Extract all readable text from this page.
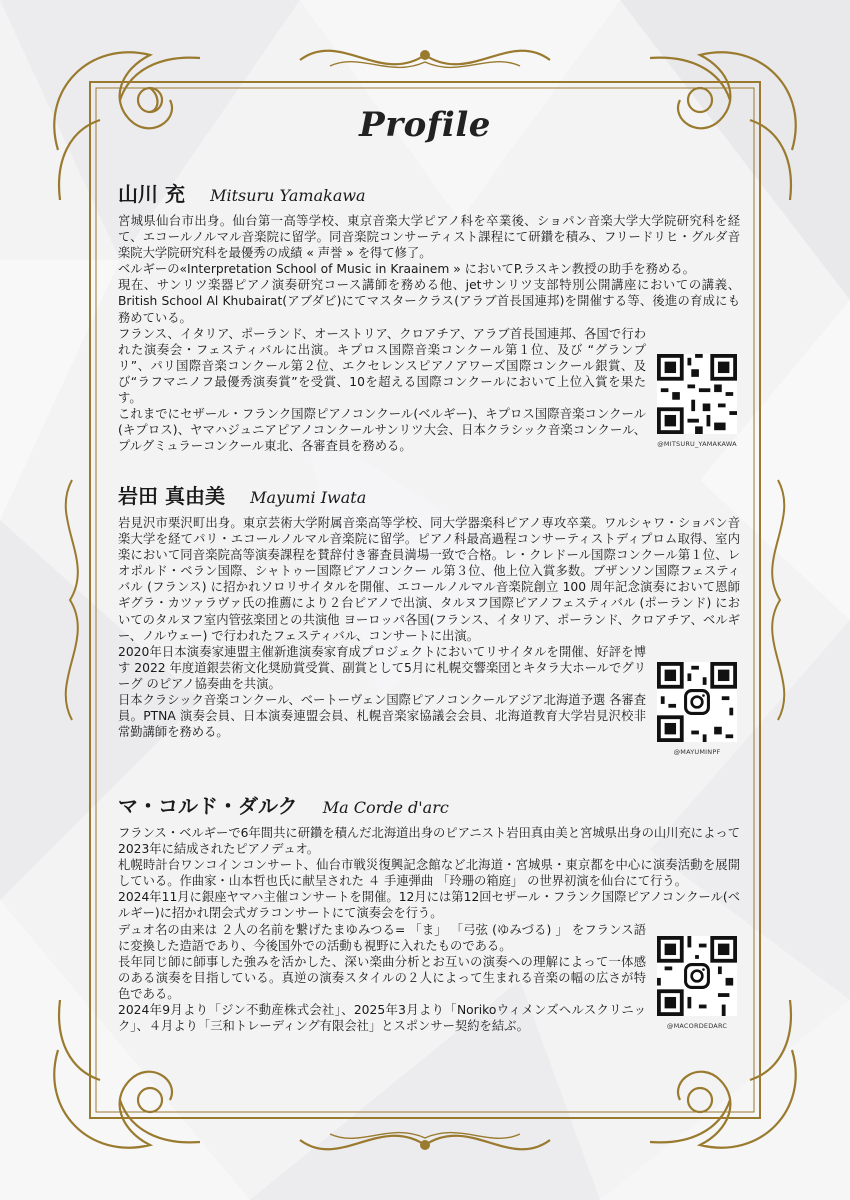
Profile
山川 充 Mitsuru Yamakawa

宮城県仙台市出身。仙台第一高等学校、東京音楽大学ピアノ科を卒業後、ショパン音楽大学大学院研究科を経て、エコールノルマル音楽院に留学。同音楽院コンサーティスト課程にて研鑽を積み、フリードリヒ・グルダ音楽院大学院研究科を最優秀の成績 « 声誉 » を得て修了。

ベルギーの«Interpretation School of Music in Kraainem » においてP.ラスキン教授の助手を務める。

現在、サンリツ楽器ピアノ演奏研究コース講師を務める他、jetサンリツ支部特別公開講座においての講義、British School Al Khubairat(アブダビ)にてマスタークラス(アラブ首長国連邦)を開催する等、後進の育成にも務めている。

@MITSURU_YAMAKAWA

フランス、イタリア、ポーランド、オーストリア、クロアチア、アラブ首長国連邦、各国で行われた演奏会・フェスティバルに出演。キプロス国際音楽コンクール第１位、及び “グランプリ”、パリ国際音楽コンクール第２位、エクセレンスピアノアワーズ国際コンクール銀賞、及び“ラフマニノフ最優秀演奏賞”を受賞、10を超える国際コンクールにおいて上位入賞を果たす。

これまでにセザール・フランク国際ピアノコンクール(ベルギー)、キプロス国際音楽コンクール(キプロス)、ヤマハジュニアピアノコンクールサンリツ大会、日本クラシック音楽コンクール、プルグミュラーコンクール東北、各審査員を務める。

岩田 真由美 Mayumi Iwata

岩見沢市栗沢町出身。東京芸術大学附属音楽高等学校、同大学器楽科ピアノ専攻卒業。ワルシャワ・ショパン音楽大学を経てパリ・エコールノルマル音楽院に留学。ピアノ科最高過程コンサーティストディプロム取得、室内楽において同音楽院高等演奏課程を賛辞付き審査員満場一致で合格。レ・クレドール国際コンクール第１位、レオポルド・ベラン国際、シャトゥー国際ピアノコンクー ル第３位、他上位入賞多数。ブザンソン国際フェスティバル (フランス) に招かれソロリサイタルを開催、エコールノルマル音楽院創立 100 周年記念演奏において恩師ギグラ・カツァラヴァ氏の推薦により２台ピアノで出演、タルヌフ国際ピアノフェスティバル (ポーランド) においてのタルヌフ室内管弦楽団との共演他 ヨーロッパ各国(フランス、イタリア、ポーランド、クロアチア、ベルギー、ノルウェー) で行われたフェスティバル、コンサートに出演。

@MAYUMINPF

2020年日本演奏家連盟主催新進演奏家育成プロジェクトにおいてリサイタルを開催、好評を博す 2022 年度道銀芸術文化奨励賞受賞、副賞として5月に札幌交響楽団とキタラ大ホールでグリーグ のピアノ協奏曲を共演。

日本クラシック音楽コンクール、ベートーヴェン国際ピアノコンクールアジア北海道予選 各審査員。PTNA 演奏会員、日本演奏連盟会員、札幌音楽家協議会会員、北海道教育大学岩見沢校非常勤講師を務める。

マ・コルド・ダルク Ma Corde d'arc

フランス・ベルギーで6年間共に研鑽を積んだ北海道出身のピアニスト岩田真由美と宮城県出身の山川充によって2023年に結成されたピアノデュオ。

札幌時計台ワンコインコンサート、仙台市戦災復興記念館など北海道・宮城県・東京都を中心に演奏活動を展開している。作曲家・山本哲也氏に献呈された ４ 手連弾曲 「玲珊の箱庭」 の世界初演を仙台にて行う。

2024年11月に銀座ヤマハ主催コンサートを開催。12月には第12回セザール・フランク国際ピアノコンクール(ベルギー)に招かれ閉会式ガラコンサートにて演奏会を行う。

@MACORDEDARC

デュオ名の由来は ２人の名前を繋げたまゆみつる= 「ま」 「弓弦 (ゆみづる) 」 をフランス語に変換した造語であり、今後国外での活動も視野に入れたものである。

長年同じ師に師事した強みを活かした、深い楽曲分析とお互いの演奏への理解によって一体感のある演奏を目指している。真逆の演奏スタイルの２人によって生まれる音楽の幅の広さが特色である。

2024年9月より「ジン不動産株式会社」、2025年3月より「Norikoウィメンズヘルスクリニック」、４月より「三和トレーディング有限会社」とスポンサー契約を結ぶ。
